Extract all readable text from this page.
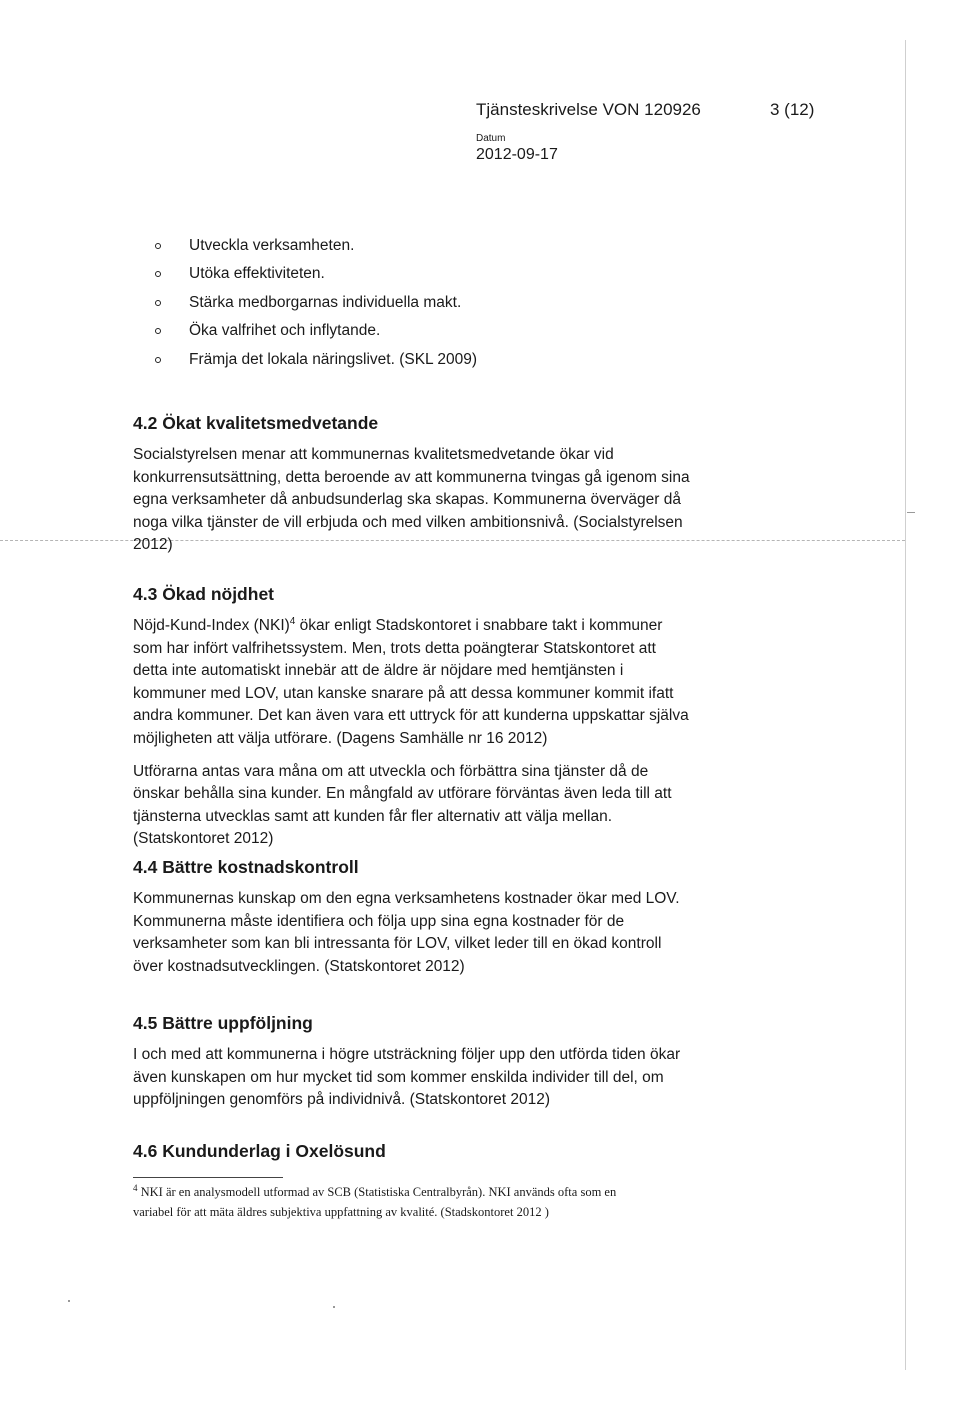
Tjänsteskrivelse VON 120926	3 (12)
Datum
2012-09-17
Utveckla verksamheten.
Utöka effektiviteten.
Stärka medborgarnas individuella makt.
Öka valfrihet och inflytande.
Främja det lokala näringslivet. (SKL 2009)
4.2 Ökat kvalitetsmedvetande

Socialstyrelsen menar att kommunernas kvalitetsmedvetande ökar vid
konkurrensutsättning, detta beroende av att kommunerna tvingas gå igenom sina
egna verksamheter då anbudsunderlag ska skapas. Kommunerna överväger då
noga vilka tjänster de vill erbjuda och med vilken ambitionsnivå. (Socialstyrelsen
2012)

4.3 Ökad nöjdhet

Nöjd-Kund-Index (NKI)$^4$ ökar enligt Stadskontoret i snabbare takt i kommuner
som har infört valfrihetssystem. Men, trots detta poängterar Statskontoret att
detta inte automatiskt innebär att de äldre är nöjdare med hemtjänsten i
kommuner med LOV, utan kanske snarare på att dessa kommuner kommit ifatt
andra kommuner. Det kan även vara ett uttryck för att kunderna uppskattar själva
möjligheten att välja utförare. (Dagens Samhälle nr 16 2012)

Utförarna antas vara måna om att utveckla och förbättra sina tjänster då de
önskar behålla sina kunder. En mångfald av utförare förväntas även leda till att
tjänsterna utvecklas samt att kunden får fler alternativ att välja mellan.
(Statskontoret 2012)

4.4 Bättre kostnadskontroll

Kommunernas kunskap om den egna verksamhetens kostnader ökar med LOV.
Kommunerna måste identifiera och följa upp sina egna kostnader för de
verksamheter som kan bli intressanta för LOV, vilket leder till en ökad kontroll
över kostnadsutvecklingen. (Statskontoret 2012)

4.5 Bättre uppföljning

I och med att kommunerna i högre utsträckning följer upp den utförda tiden ökar
även kunskapen om hur mycket tid som kommer enskilda individer till del, om
uppföljningen genomförs på individnivå. (Statskontoret 2012)

4.6 Kundunderlag i Oxelösund
$^4$ NKI är en analysmodell utformad av SCB (Statistiska Centralbyrån). NKI används ofta som en
variabel för att mäta äldres subjektiva uppfattning av kvalité. (Stadskontoret 2012 )
